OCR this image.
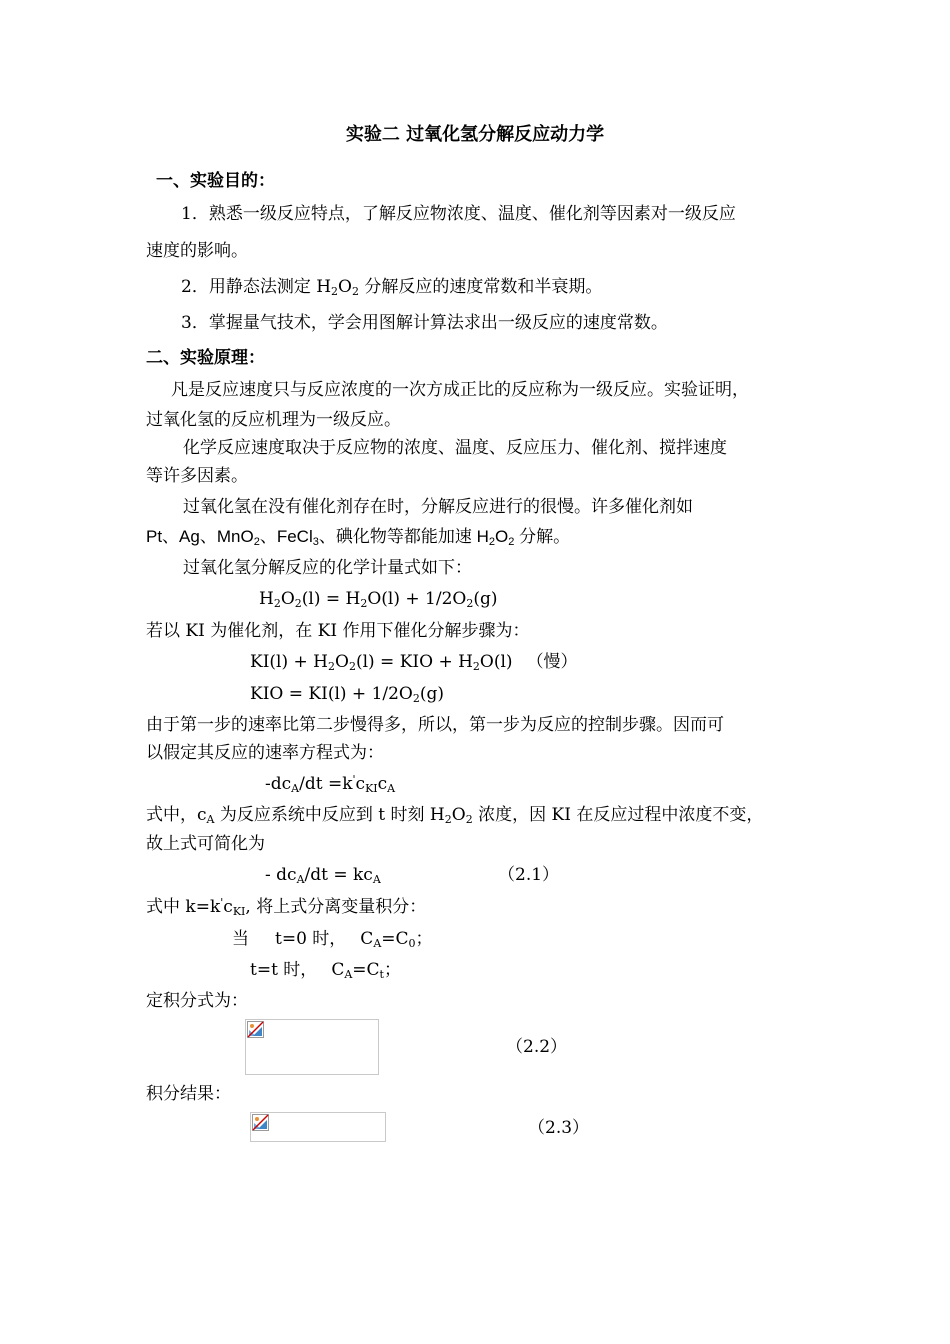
实验二 过氧化氢分解反应动力学
一、实验目的：
1．熟悉一级反应特点，了解反应物浓度、温度、催化剂等因素对一级反应
速度的影响。
2．用静态法测定 $H_2O_2$ 分解反应的速度常数和半衰期。
3．掌握量气技术，学会用图解计算法求出一级反应的速度常数。
二、实验原理：
凡是反应速度只与反应浓度的一次方成正比的反应称为一级反应。实验证明，
过氧化氢的反应机理为一级反应。
化学反应速度取决于反应物的浓度、温度、反应压力、催化剂、搅拌速度
等许多因素。
过氧化氢在没有催化剂存在时，分解反应进行的很慢。许多催化剂如
Pt、Ag、MnO$_2$、FeCl$_3$、碘化物等都能加速 $H_2O_2$ 分解。
过氧化氢分解反应的化学计量式如下：
$H_2O_2(l) = H_2O(l) + 1/2O_2(g)$
若以 KI 为催化剂，在 KI 作用下催化分解步骤为：
$KI(l) + H_2O_2(l)$ = KIO + $H_2O(l)$ （慢）
KIO = $KI(l) + 1/2O_2(g)$
由于第一步的速率比第二步慢得多，所以，第一步为反应的控制步骤。因而可
以假定其反应的速率方程式为：
$-dc_A/dt =k'c_{KI}c_A$
式中，$c_A$ 为反应系统中反应到 t 时刻 $H_2O_2$ 浓度，因 KI 在反应过程中浓度不变，
故上式可简化为
- $dc_A/dt = kc_A$	（2.1）
式中 $k=k'c_{KI}$, 将上式分离变量积分：
当 t=0 时， $C_A=C_0$；
t=t 时， $C_A=C_t$；
定积分式为：
（2.2）
积分结果：
（2.3）
